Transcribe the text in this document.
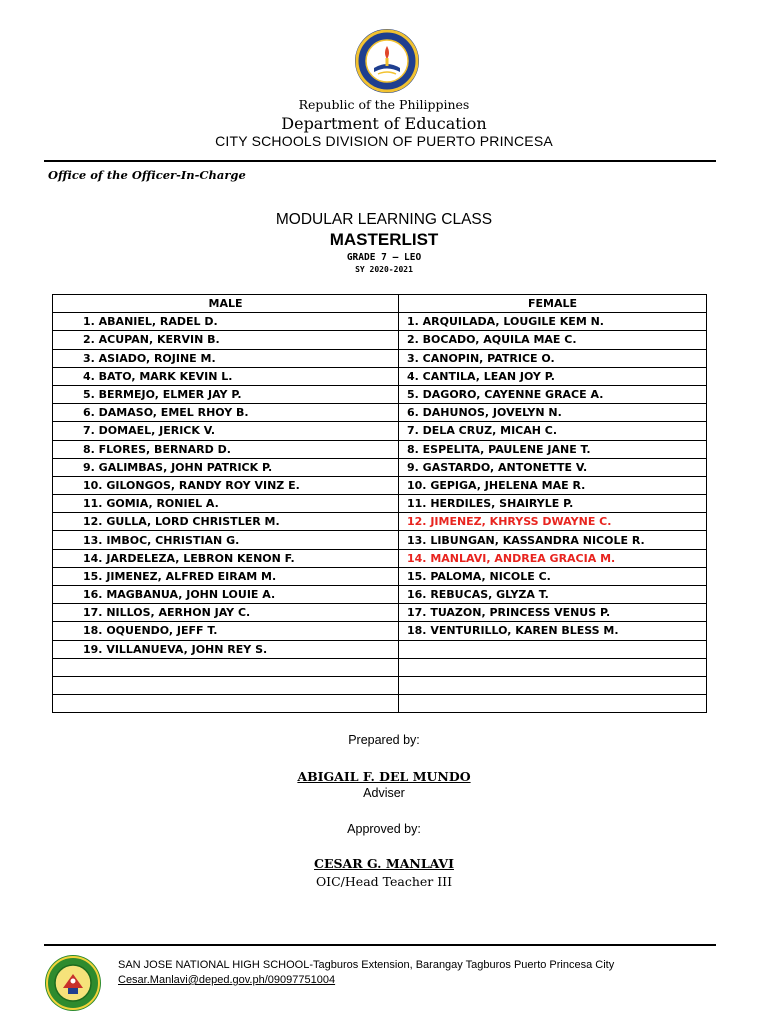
Republic of the Philippines
Department of Education
CITY SCHOOLS DIVISION OF PUERTO PRINCESA
Office of the Officer-In-Charge
MODULAR LEARNING CLASS
MASTERLIST
GRADE 7 – LEO
SY 2020-2021
MALE	FEMALE
1. ABANIEL, RADEL D.	1. ARQUILADA, LOUGILE KEM N.
2. ACUPAN, KERVIN B.	2. BOCADO, AQUILA MAE C.
3. ASIADO, ROJINE M.	3. CANOPIN, PATRICE O.
4. BATO, MARK KEVIN L.	4. CANTILA, LEAN JOY P.
5. BERMEJO, ELMER JAY P.	5. DAGORO, CAYENNE GRACE A.
6. DAMASO, EMEL RHOY B.	6. DAHUNOS, JOVELYN N.
7. DOMAEL, JERICK V.	7. DELA CRUZ, MICAH C.
8. FLORES, BERNARD D.	8. ESPELITA, PAULENE JANE T.
9. GALIMBAS, JOHN PATRICK P.	9. GASTARDO, ANTONETTE V.
10. GILONGOS, RANDY ROY VINZ E.	10. GEPIGA, JHELENA MAE R.
11. GOMIA, RONIEL A.	11. HERDILES, SHAIRYLE P.
12. GULLA, LORD CHRISTLER M.	12. JIMENEZ, KHRYSS DWAYNE C.
13. IMBOC, CHRISTIAN G.	13. LIBUNGAN, KASSANDRA NICOLE R.
14. JARDELEZA, LEBRON KENON F.	14. MANLAVI, ANDREA GRACIA M.
15. JIMENEZ, ALFRED EIRAM M.	15. PALOMA, NICOLE C.
16. MAGBANUA, JOHN LOUIE A.	16. REBUCAS, GLYZA T.
17. NILLOS, AERHON JAY C.	17. TUAZON, PRINCESS VENUS P.
18. OQUENDO, JEFF T.	18. VENTURILLO, KAREN BLESS M.
19. VILLANUEVA, JOHN REY S.	

Prepared by:
ABIGAIL F. DEL MUNDO
Adviser
Approved by:
CESAR G. MANLAVI
OIC/Head Teacher III
SAN JOSE NATIONAL HIGH SCHOOL-Tagburos Extension, Barangay Tagburos Puerto Princesa City
Cesar.Manlavi@deped.gov.ph/09097751004
